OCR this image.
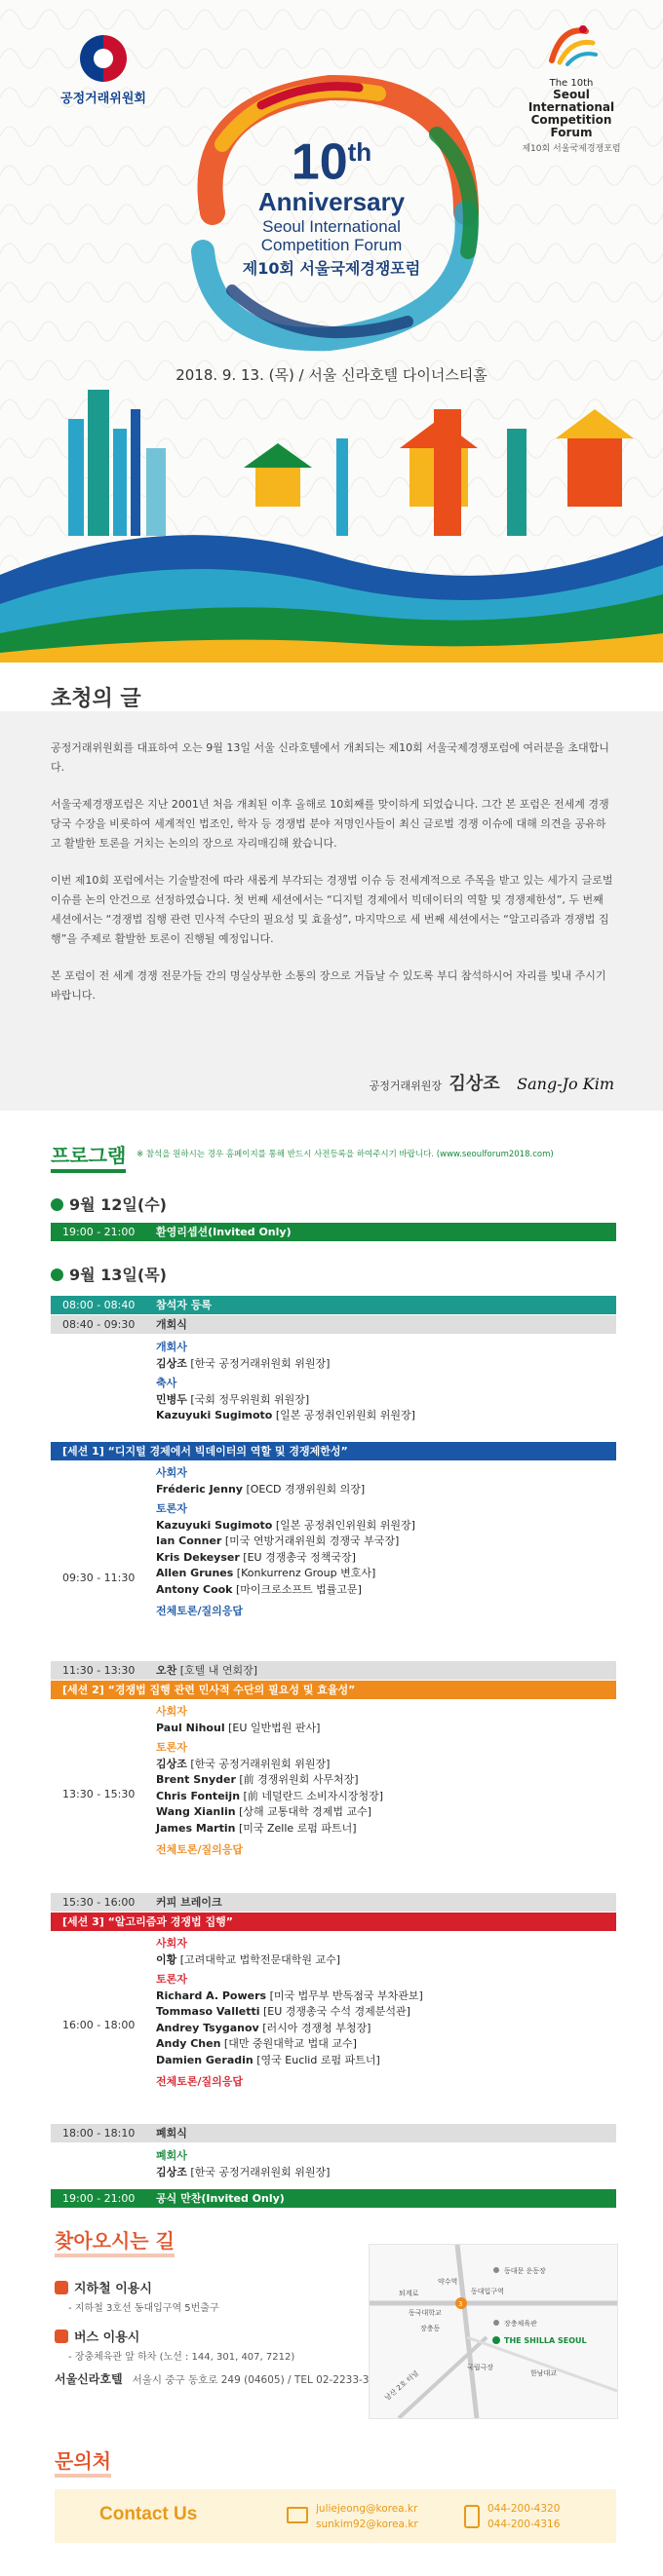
공정거래위원회
The 10th
Seoul
International
Competition Forum
제10회 서울국제경쟁포럼
10th
Anniversary
Seoul International
Competition Forum
제10회 서울국제경쟁포럼
2018. 9. 13. (목) / 서울 신라호텔 다이너스티홀
초청의 글

공정거래위원회를 대표하여 오는 9월 13일 서울 신라호텔에서 개최되는 제10회 서울국제경쟁포럼에 여러분을 초대합니다.

서울국제경쟁포럼은 지난 2001년 처음 개최된 이후 올해로 10회째를 맞이하게 되었습니다. 그간 본 포럼은 전세계 경쟁당국 수장을 비롯하여 세계적인 법조인, 학자 등 경쟁법 분야 저명인사들이 최신 글로벌 경쟁 이슈에 대해 의견을 공유하고 활발한 토론을 거치는 논의의 장으로 자리매김해 왔습니다.

이번 제10회 포럼에서는 기술발전에 따라 새롭게 부각되는 경쟁법 이슈 등 전세계적으로 주목을 받고 있는 세가지 글로벌 이슈를 논의 안건으로 선정하였습니다. 첫 번째 세션에서는 “디지털 경제에서 빅데이터의 역할 및 경쟁제한성”, 두 번째 세션에서는 “경쟁법 집행 관련 민사적 수단의 필요성 및 효율성”, 마지막으로 세 번째 세션에서는 “알고리즘과 경쟁법 집행”을 주제로 활발한 토론이 진행될 예정입니다.

본 포럼이 전 세계 경쟁 전문가들 간의 명실상부한 소통의 장으로 거듭날 수 있도록 부디 참석하시어 자리를 빛내 주시기 바랍니다.

공정거래위원장 김상조 Sang-Jo Kim
프로그램 ※ 참석을 원하시는 경우 홈페이지를 통해 반드시 사전등록을 하여주시기 바랍니다. (www.seoulforum2018.com)
9월 12일(수)
19:00 - 21:00 환영리셉션(Invited Only)
9월 13일(목)
08:00 - 08:40 참석자 등록
08:40 - 09:30 개회식
개회사
김상조 [한국 공정거래위원회 위원장]
축사
민병두 [국회 정무위원회 위원장]
Kazuyuki Sugimoto [일본 공정취인위원회 위원장]
[세션 1] “디지털 경제에서 빅데이터의 역할 및 경쟁제한성”
09:30 - 11:30
사회자
Fréderic Jenny [OECD 경쟁위원회 의장]
토론자
Kazuyuki Sugimoto [일본 공정취인위원회 위원장]
Ian Conner [미국 연방거래위원회 경쟁국 부국장]
Kris Dekeyser [EU 경쟁총국 정책국장]
Allen Grunes [Konkurrenz Group 변호사]
Antony Cook [마이크로소프트 법률고문]
전체토론/질의응답
11:30 - 13:30 오찬 [호텔 내 연회장]
[세션 2] “경쟁법 집행 관련 민사적 수단의 필요성 및 효율성”
13:30 - 15:30
사회자
Paul Nihoul [EU 일반법원 판사]
토론자
김상조 [한국 공정거래위원회 위원장]
Brent Snyder [前 경쟁위원회 사무처장]
Chris Fonteijn [前 네덜란드 소비자시장청장]
Wang Xianlin [상해 교통대학 경제법 교수]
James Martin [미국 Zelle 로펌 파트너]
전체토론/질의응답
15:30 - 16:00 커피 브레이크
[세션 3] “알고리즘과 경쟁법 집행”
16:00 - 18:00
사회자
이황 [고려대학교 법학전문대학원 교수]
토론자
Richard A. Powers [미국 법무부 반독점국 부차관보]
Tommaso Valletti [EU 경쟁총국 수석 경제분석관]
Andrey Tsyganov [러시아 경쟁청 부청장]
Andy Chen [대만 중원대학교 법대 교수]
Damien Geradin [영국 Euclid 로펌 파트너]
전체토론/질의응답
18:00 - 18:10 폐회식
폐회사
김상조 [한국 공정거래위원회 위원장]
19:00 - 21:00 공식 만찬(Invited Only)
찾아오시는 길
지하철 이용시
- 지하철 3호선 동대입구역 5번출구
버스 이용시
- 장충체육관 앞 하차 (노선 : 144, 301, 407, 7212)
서울신라호텔 서울시 중구 동호로 249 (04605) / TEL 02-2233-3131
동대문 운동장
퇴계로
약수역
3
동대입구역
동국대학교
장충동
장충체육관
THE SHILLA SEOUL
국립극장
한남대교
남산 2호 터널
문의처
Contact Us	juliejeong@korea.kr
sunkim92@korea.kr
044-200-4320
044-200-4316
